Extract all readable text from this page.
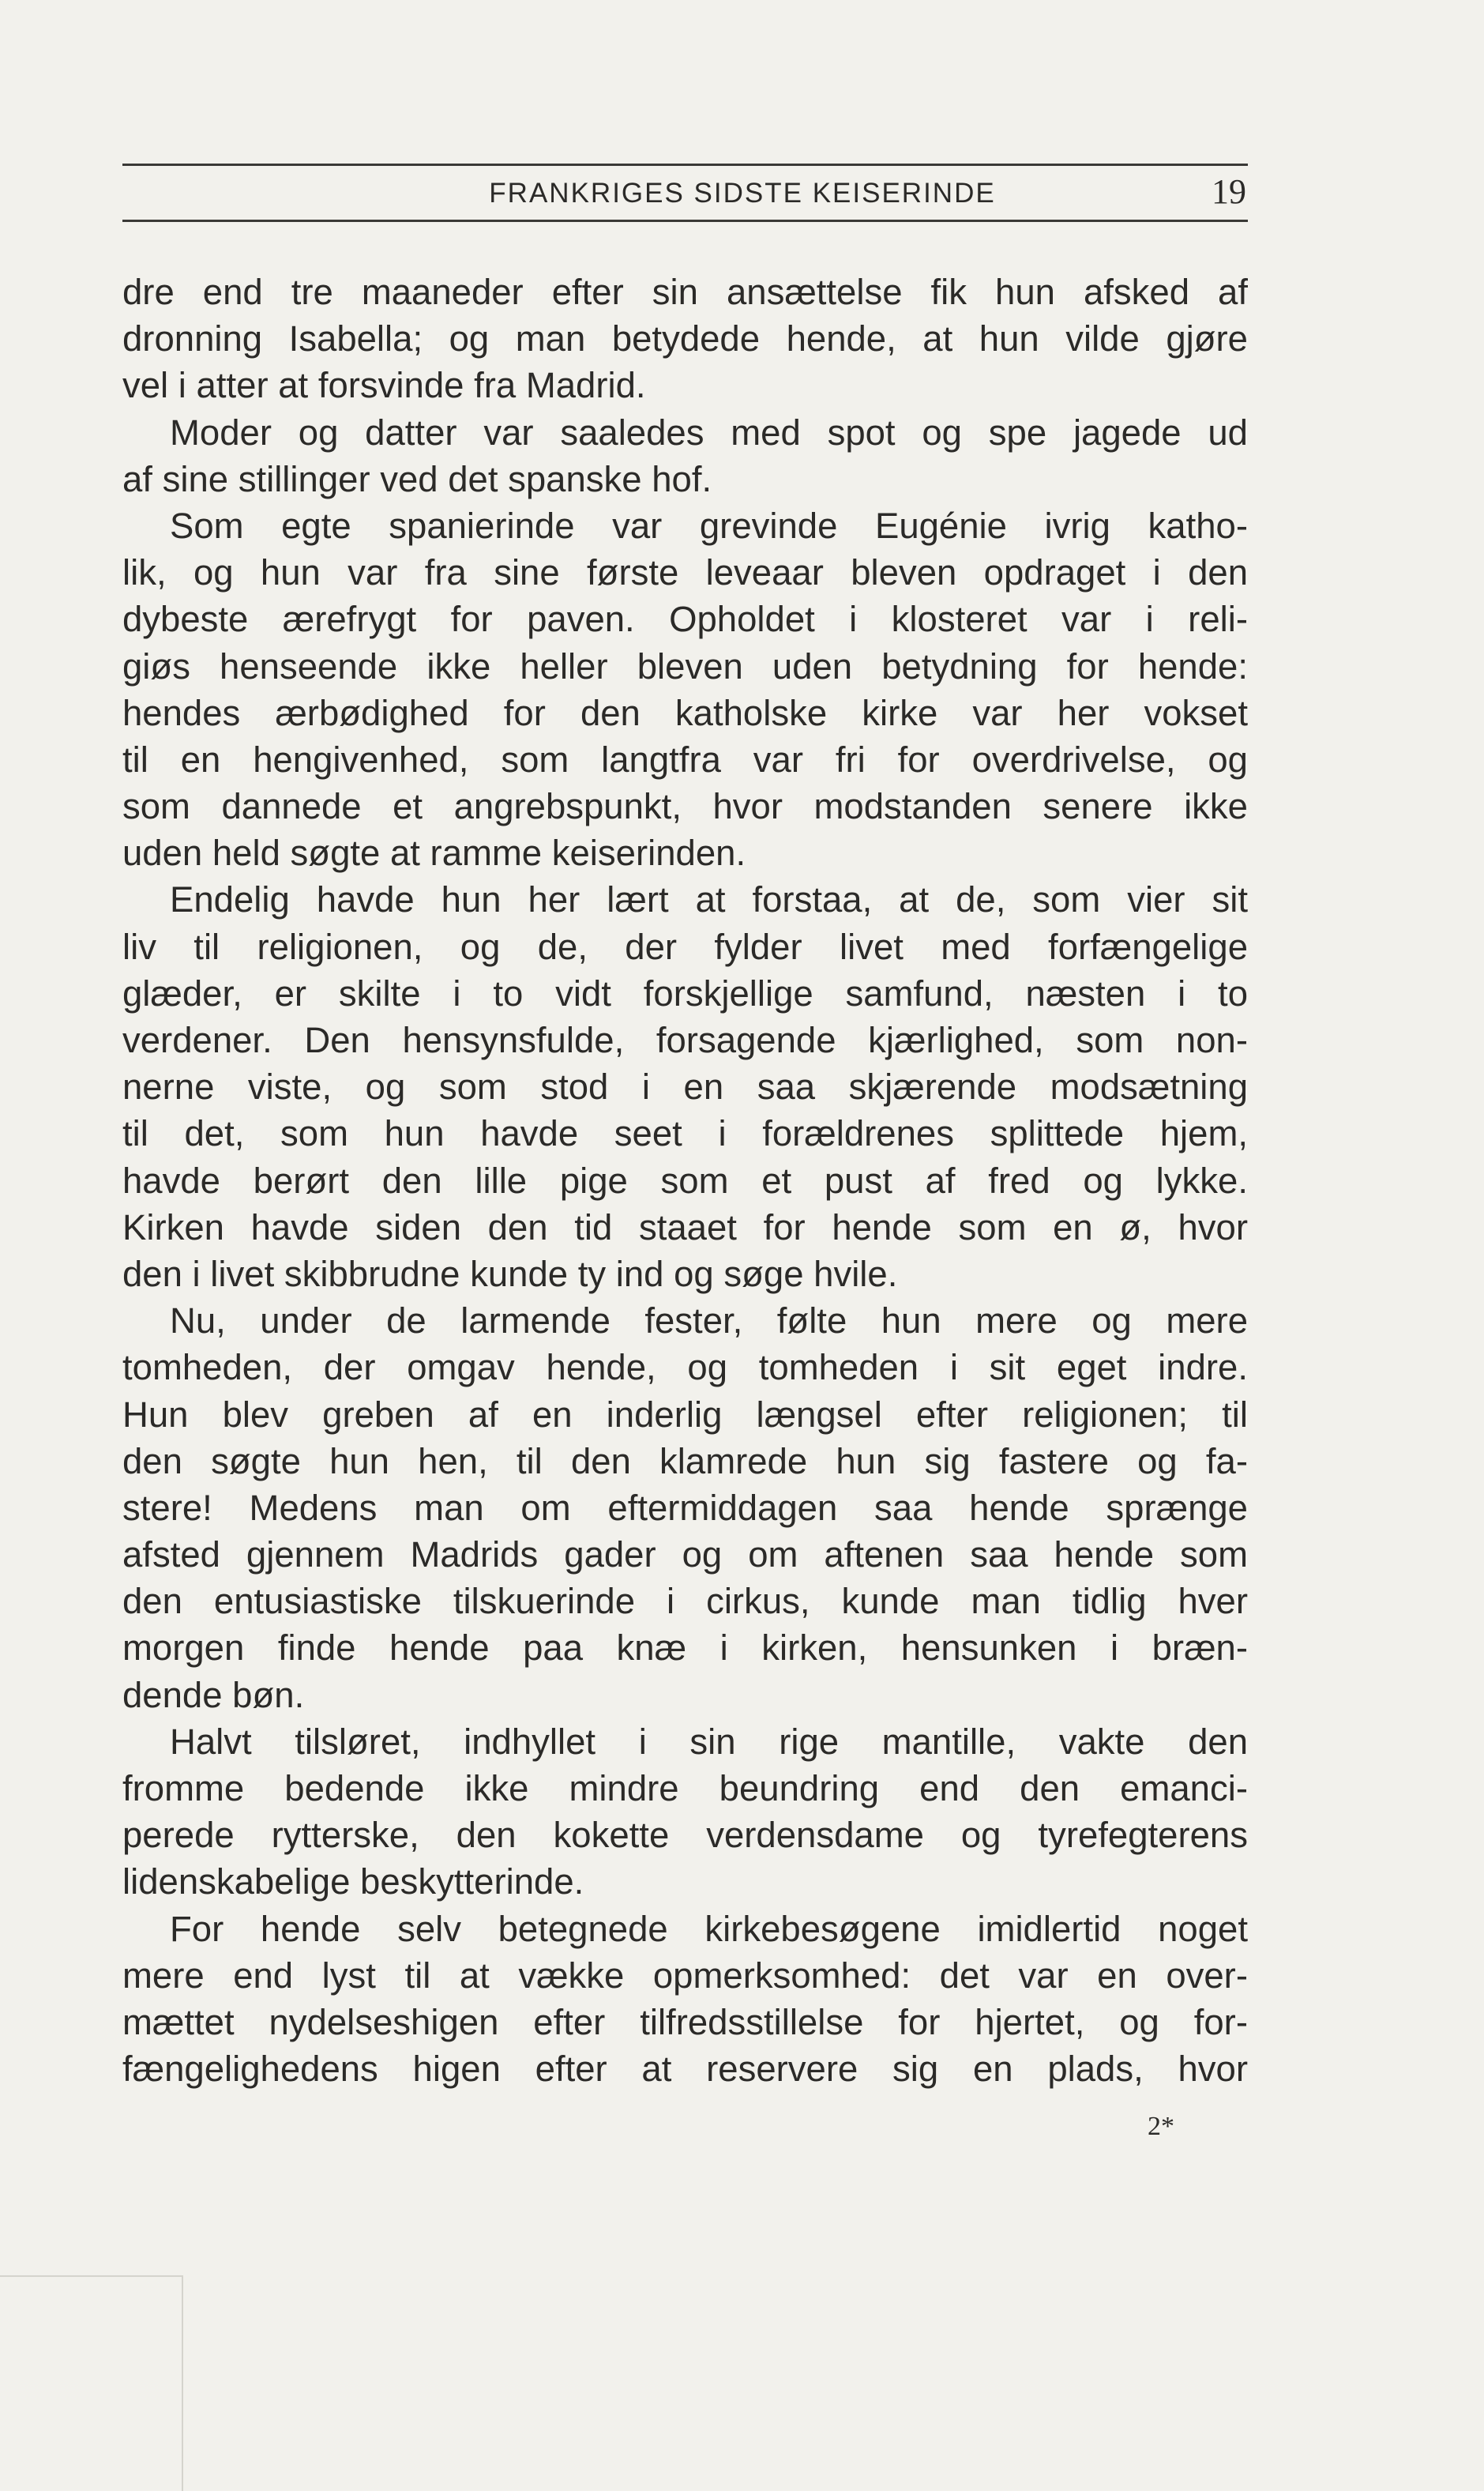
FRANKRIGES SIDSTE KEISERINDE	19
dre end tre maaneder efter sin ansættelse fik hun afsked af
dronning Isabella; og man betydede hende, at hun vilde gjøre
vel i atter at forsvinde fra Madrid.
Moder og datter var saaledes med spot og spe jagede ud
af sine stillinger ved det spanske hof.
Som egte spanierinde var grevinde Eugénie ivrig katho-
lik, og hun var fra sine første leveaar bleven opdraget i den
dybeste ærefrygt for paven. Opholdet i klosteret var i reli-
giøs henseende ikke heller bleven uden betydning for hende:
hendes ærbødighed for den katholske kirke var her vokset
til en hengivenhed, som langtfra var fri for overdrivelse, og
som dannede et angrebspunkt, hvor modstanden senere ikke
uden held søgte at ramme keiserinden.
Endelig havde hun her lært at forstaa, at de, som vier sit
liv til religionen, og de, der fylder livet med forfængelige
glæder, er skilte i to vidt forskjellige samfund, næsten i to
verdener. Den hensynsfulde, forsagende kjærlighed, som non-
nerne viste, og som stod i en saa skjærende modsætning
til det, som hun havde seet i forældrenes splittede hjem,
havde berørt den lille pige som et pust af fred og lykke.
Kirken havde siden den tid staaet for hende som en ø, hvor
den i livet skibbrudne kunde ty ind og søge hvile.
Nu, under de larmende fester, følte hun mere og mere
tomheden, der omgav hende, og tomheden i sit eget indre.
Hun blev greben af en inderlig længsel efter religionen; til
den søgte hun hen, til den klamrede hun sig fastere og fa-
stere! Medens man om eftermiddagen saa hende sprænge
afsted gjennem Madrids gader og om aftenen saa hende som
den entusiastiske tilskuerinde i cirkus, kunde man tidlig hver
morgen finde hende paa knæ i kirken, hensunken i bræn-
dende bøn.
Halvt tilsløret, indhyllet i sin rige mantille, vakte den
fromme bedende ikke mindre beundring end den emanci-
perede rytterske, den kokette verdensdame og tyrefegterens
lidenskabelige beskytterinde.
For hende selv betegnede kirkebesøgene imidlertid noget
mere end lyst til at vække opmerksomhed: det var en over-
mættet nydelseshigen efter tilfredsstillelse for hjertet, og for-
fængelighedens higen efter at reservere sig en plads, hvor
2*
